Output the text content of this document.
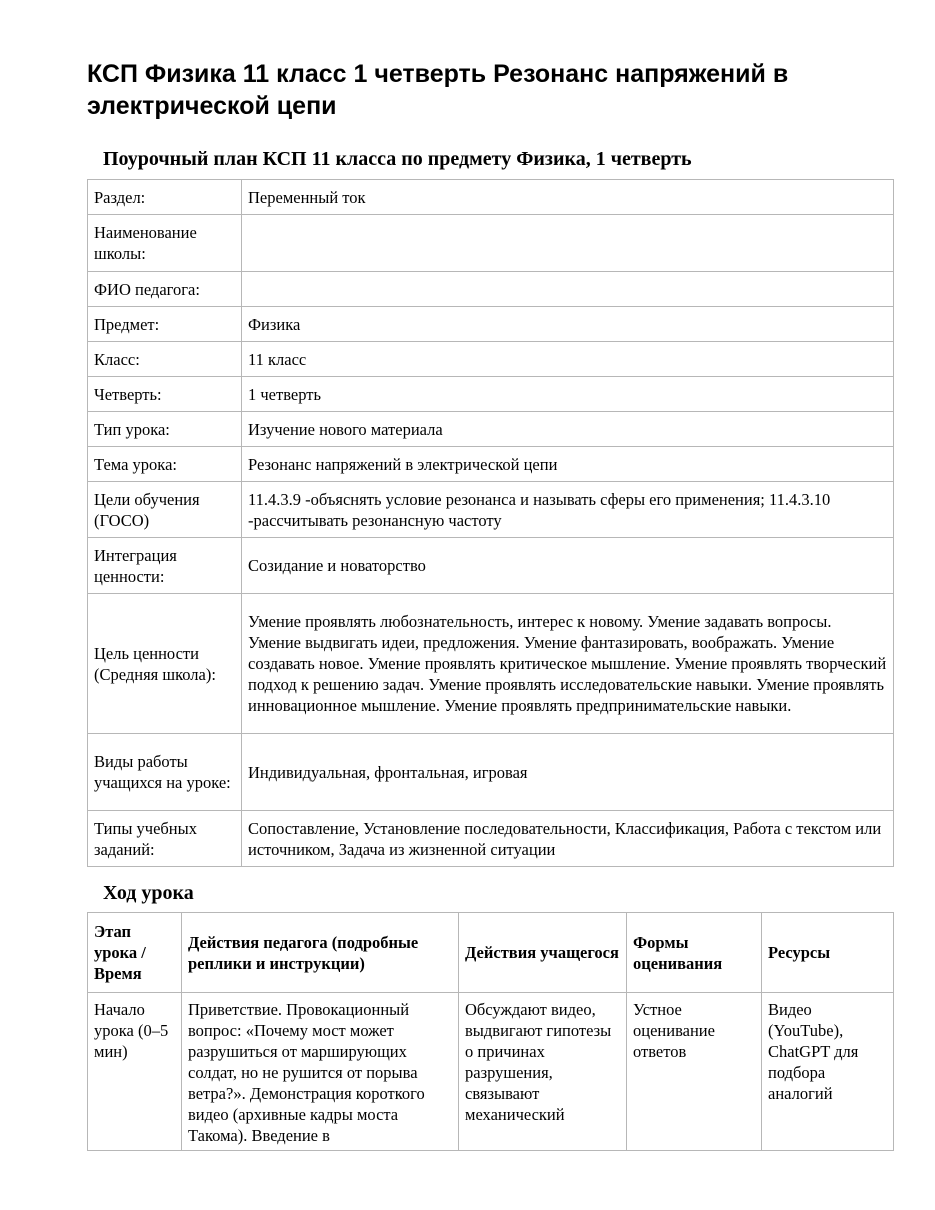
КСП Физика 11 класс 1 четверть Резонанс напряжений в электрической цепи
Поурочный план КСП 11 класса по предмету Физика, 1 четверть
Раздел:	Переменный ток
Наименование школы:	
ФИО педагога:	
Предмет:	Физика
Класс:	11 класс
Четверть:	1 четверть
Тип урока:	Изучение нового материала
Тема урока:	Резонанс напряжений в электрической цепи
Цели обучения (ГОСО)	11.4.3.9 -объяснять условие резонанса и называть сферы его применения; 11.4.3.10 -рассчитывать резонансную частоту
Интеграция ценности:	Созидание и новаторство
Цель ценности (Средняя школа):	Умение проявлять любознательность, интерес к новому. Умение задавать вопросы. Умение выдвигать идеи, предложения. Умение фантазировать, воображать. Умение создавать новое. Умение проявлять критическое мышление. Умение проявлять творческий подход к решению задач. Умение проявлять исследовательские навыки. Умение проявлять инновационное мышление. Умение проявлять предпринимательские навыки.
Виды работы учащихся на уроке:	Индивидуальная, фронтальная, игровая
Типы учебных заданий:	Сопоставление, Установление последовательности, Классификация, Работа с текстом или источником, Задача из жизненной ситуации
Ход урока
Этап урока / Время	Действия педагога (подробные реплики и инструкции)	Действия учащегося	Формы оценивания	Ресурсы

Начало урока (0–5 мин)	Приветствие. Провокационный вопрос: «Почему мост может разрушиться от марширующих солдат, но не рушится от порыва ветра?». Демонстрация короткого видео (архивные кадры моста Такома). Введение в	Обсуждают видео, выдвигают гипотезы о причинах разрушения, связывают механический	Устное оценивание ответов	Видео (YouTube), ChatGPT для подбора аналогий
